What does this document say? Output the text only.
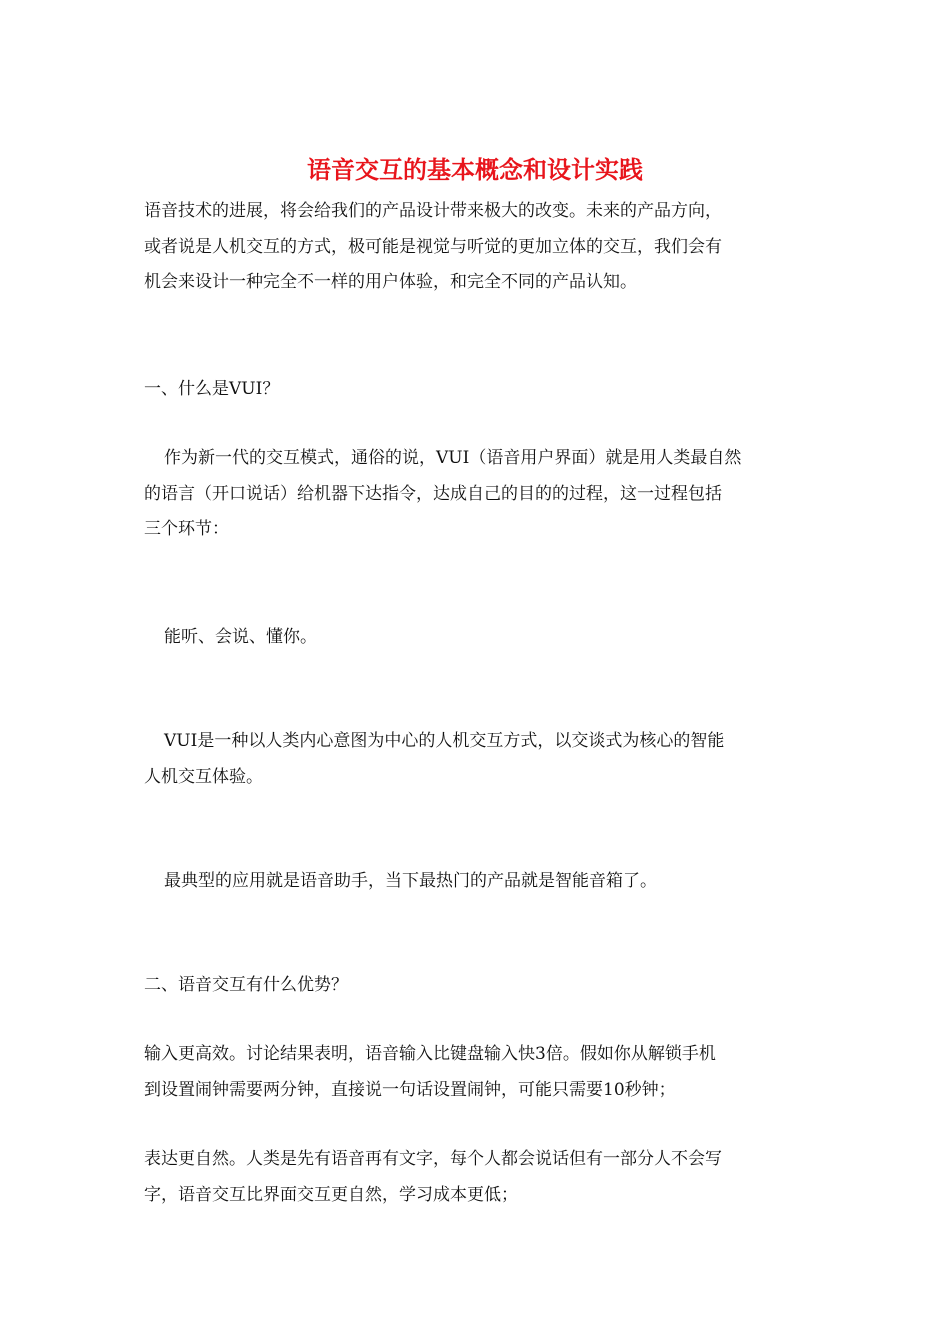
语音交互的基本概念和设计实践

语音技术的进展，将会给我们的产品设计带来极大的改变。未来的产品方向，
或者说是人机交互的方式，极可能是视觉与听觉的更加立体的交互，我们会有
机会来设计一种完全不一样的用户体验，和完全不同的产品认知。

一、什么是VUI？

作为新一代的交互模式，通俗的说，VUI（语音用户界面）就是用人类最自然
的语言（开口说话）给机器下达指令，达成自己的目的的过程，这一过程包括
三个环节：

能听、会说、懂你。

VUI是一种以人类内心意图为中心的人机交互方式，以交谈式为核心的智能
人机交互体验。

最典型的应用就是语音助手，当下最热门的产品就是智能音箱了。

二、语音交互有什么优势？

输入更高效。讨论结果表明，语音输入比键盘输入快3倍。假如你从解锁手机
到设置闹钟需要两分钟，直接说一句话设置闹钟，可能只需要10秒钟；

表达更自然。人类是先有语音再有文字，每个人都会说话但有一部分人不会写
字，语音交互比界面交互更自然，学习成本更低；
